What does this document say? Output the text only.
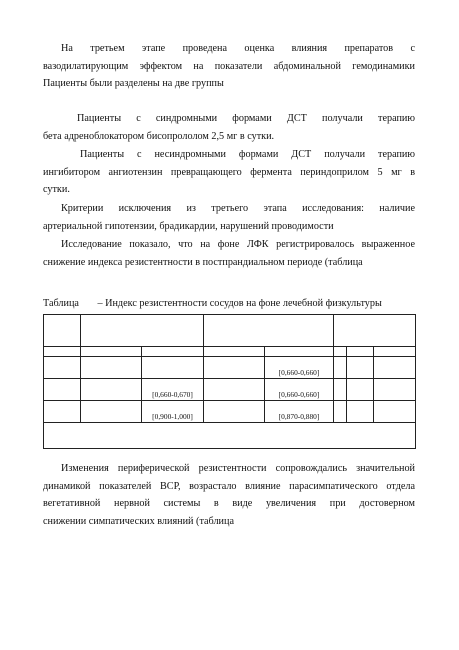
На третьем этапе проведена оценка влияния препаратов с
вазодилатирующим эффектом на показатели абдоминальной гемодинамики
Пациенты были разделены на две группы
Пациенты с синдромными формами ДСТ получали терапию
бета адреноблокатором бисопрололом 2,5 мг в сутки.
Пациенты с несиндромными формами ДСТ получали терапию
ингибитором ангиотензин превращающего фермента периндоприлом 5 мг в
сутки.
Критерии исключения из третьего этапа исследования: наличие
артериальной гипотензии, брадикардии, нарушений проводимости
Исследование показало, что на фоне ЛФК регистрировалось выраженное
снижение индекса резистентности в постпрандиальном периоде (таблица
Таблица – Индекс резистентности сосудов на фоне лечебной физкультуры

				[0,660-0,660]			

		[0,660-0,670]		[0,660-0,660]			

		[0,900-1,000]		[0,870-0,880]			

Изменения периферической резистентности сопровождались значительной
динамикой показателей ВСР, возрастало влияние парасимпатического отдела
вегетативной нервной системы в виде увеличения при достоверном
снижении симпатических влияний (таблица
